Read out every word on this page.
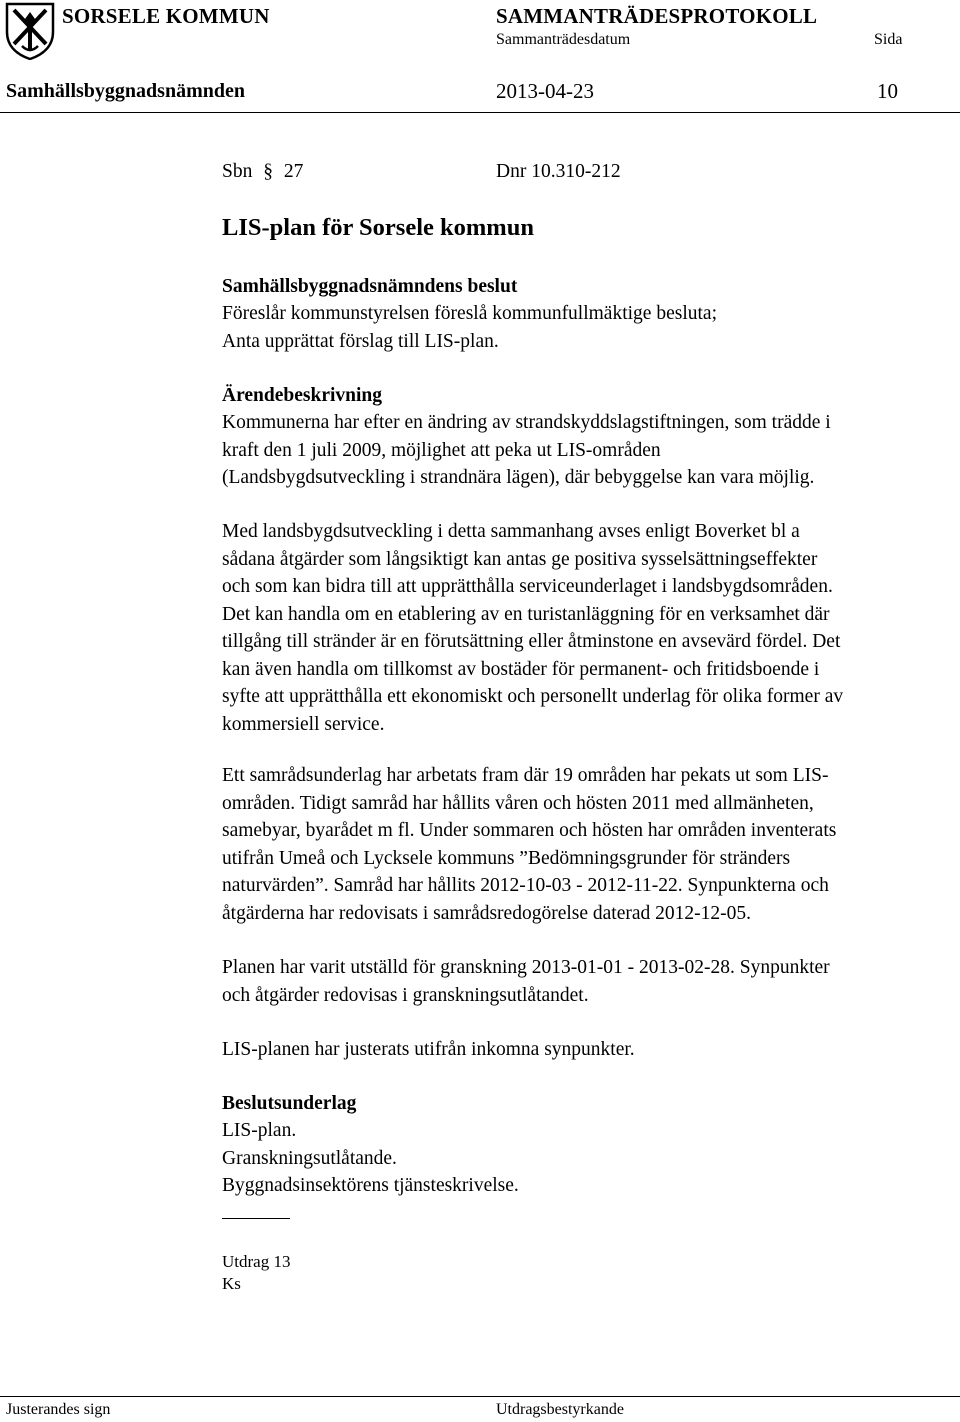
SORSELE KOMMUN	SAMMANTRÄDESPROTOKOLL
Sammanträdesdatum	Sida
Samhällsbyggnadsnämnden	2013-04-23	10
Sbn § 27	Dnr 10.310-212
LIS-plan för Sorsele kommun
Samhällsbyggnadsnämndens beslut
Föreslår kommunstyrelsen föreslå kommunfullmäktige besluta;
Anta upprättat förslag till LIS-plan.
Ärendebeskrivning
Kommunerna har efter en ändring av strandskyddslagstiftningen, som trädde i
kraft den 1 juli 2009, möjlighet att peka ut LIS-områden
(Landsbygdsutveckling i strandnära lägen), där bebyggelse kan vara möjlig.
Med landsbygdsutveckling i detta sammanhang avses enligt Boverket bl a
sådana åtgärder som långsiktigt kan antas ge positiva sysselsättningseffekter
och som kan bidra till att upprätthålla serviceunderlaget i landsbygdsområden.
Det kan handla om en etablering av en turistanläggning för en verksamhet där
tillgång till stränder är en förutsättning eller åtminstone en avsevärd fördel. Det
kan även handla om tillkomst av bostäder för permanent- och fritidsboende i
syfte att upprätthålla ett ekonomiskt och personellt underlag för olika former av
kommersiell service.
Ett samrådsunderlag har arbetats fram där 19 områden har pekats ut som LIS-
områden. Tidigt samråd har hållits våren och hösten 2011 med allmänheten,
samebyar, byarådet m fl. Under sommaren och hösten har områden inventerats
utifrån Umeå och Lycksele kommuns ”Bedömningsgrunder för stränders
naturvärden”. Samråd har hållits 2012-10-03 - 2012-11-22. Synpunkterna och
åtgärderna har redovisats i samrådsredogörelse daterad 2012-12-05.
Planen har varit utställd för granskning 2013-01-01 - 2013-02-28. Synpunkter
och åtgärder redovisas i granskningsutlåtandet.
LIS-planen har justerats utifrån inkomna synpunkter.
Beslutsunderlag
LIS-plan.
Granskningsutlåtande.
Byggnadsinsektörens tjänsteskrivelse.
Utdrag 13
Ks
Justerandes sign	Utdragsbestyrkande
